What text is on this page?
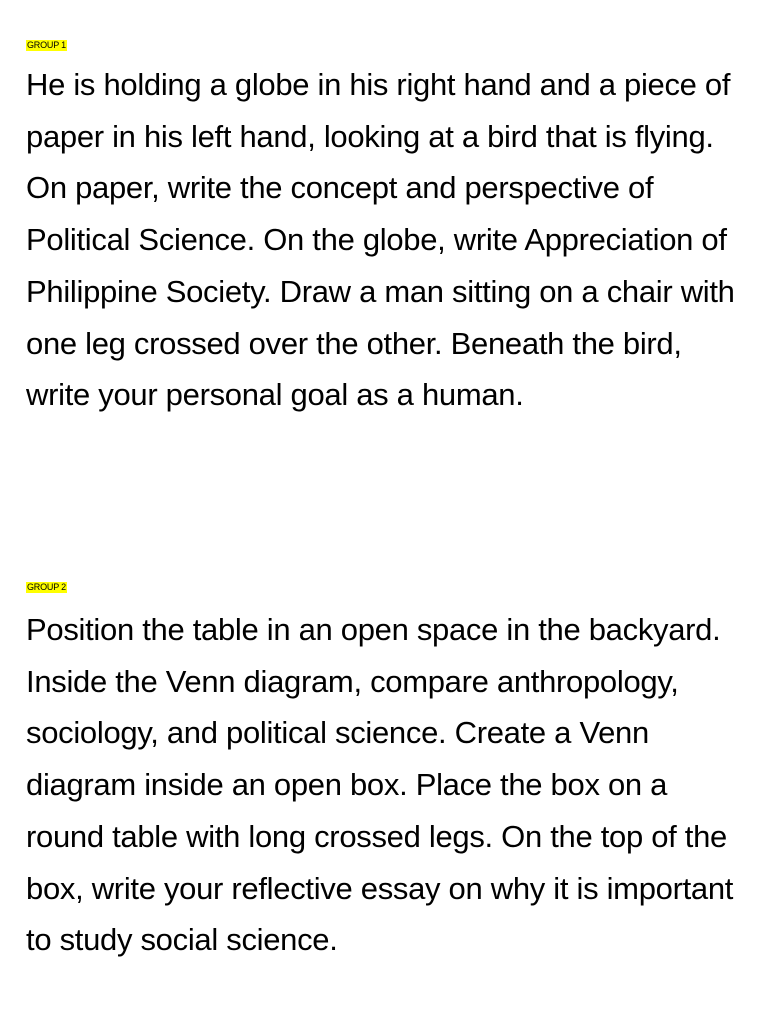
GROUP 1

He is holding a globe in his right hand and a piece of paper in his left hand, looking at a bird that is flying. On paper, write the concept and perspective of Political Science. On the globe, write Appreciation of Philippine Society. Draw a man sitting on a chair with one leg crossed over the other. Beneath the bird, write your personal goal as a human.

GROUP 2

Position the table in an open space in the backyard. Inside the Venn diagram, compare anthropology, sociology, and political science. Create a Venn diagram inside an open box. Place the box on a round table with long crossed legs. On the top of the box, write your reflective essay on why it is important to study social science.
